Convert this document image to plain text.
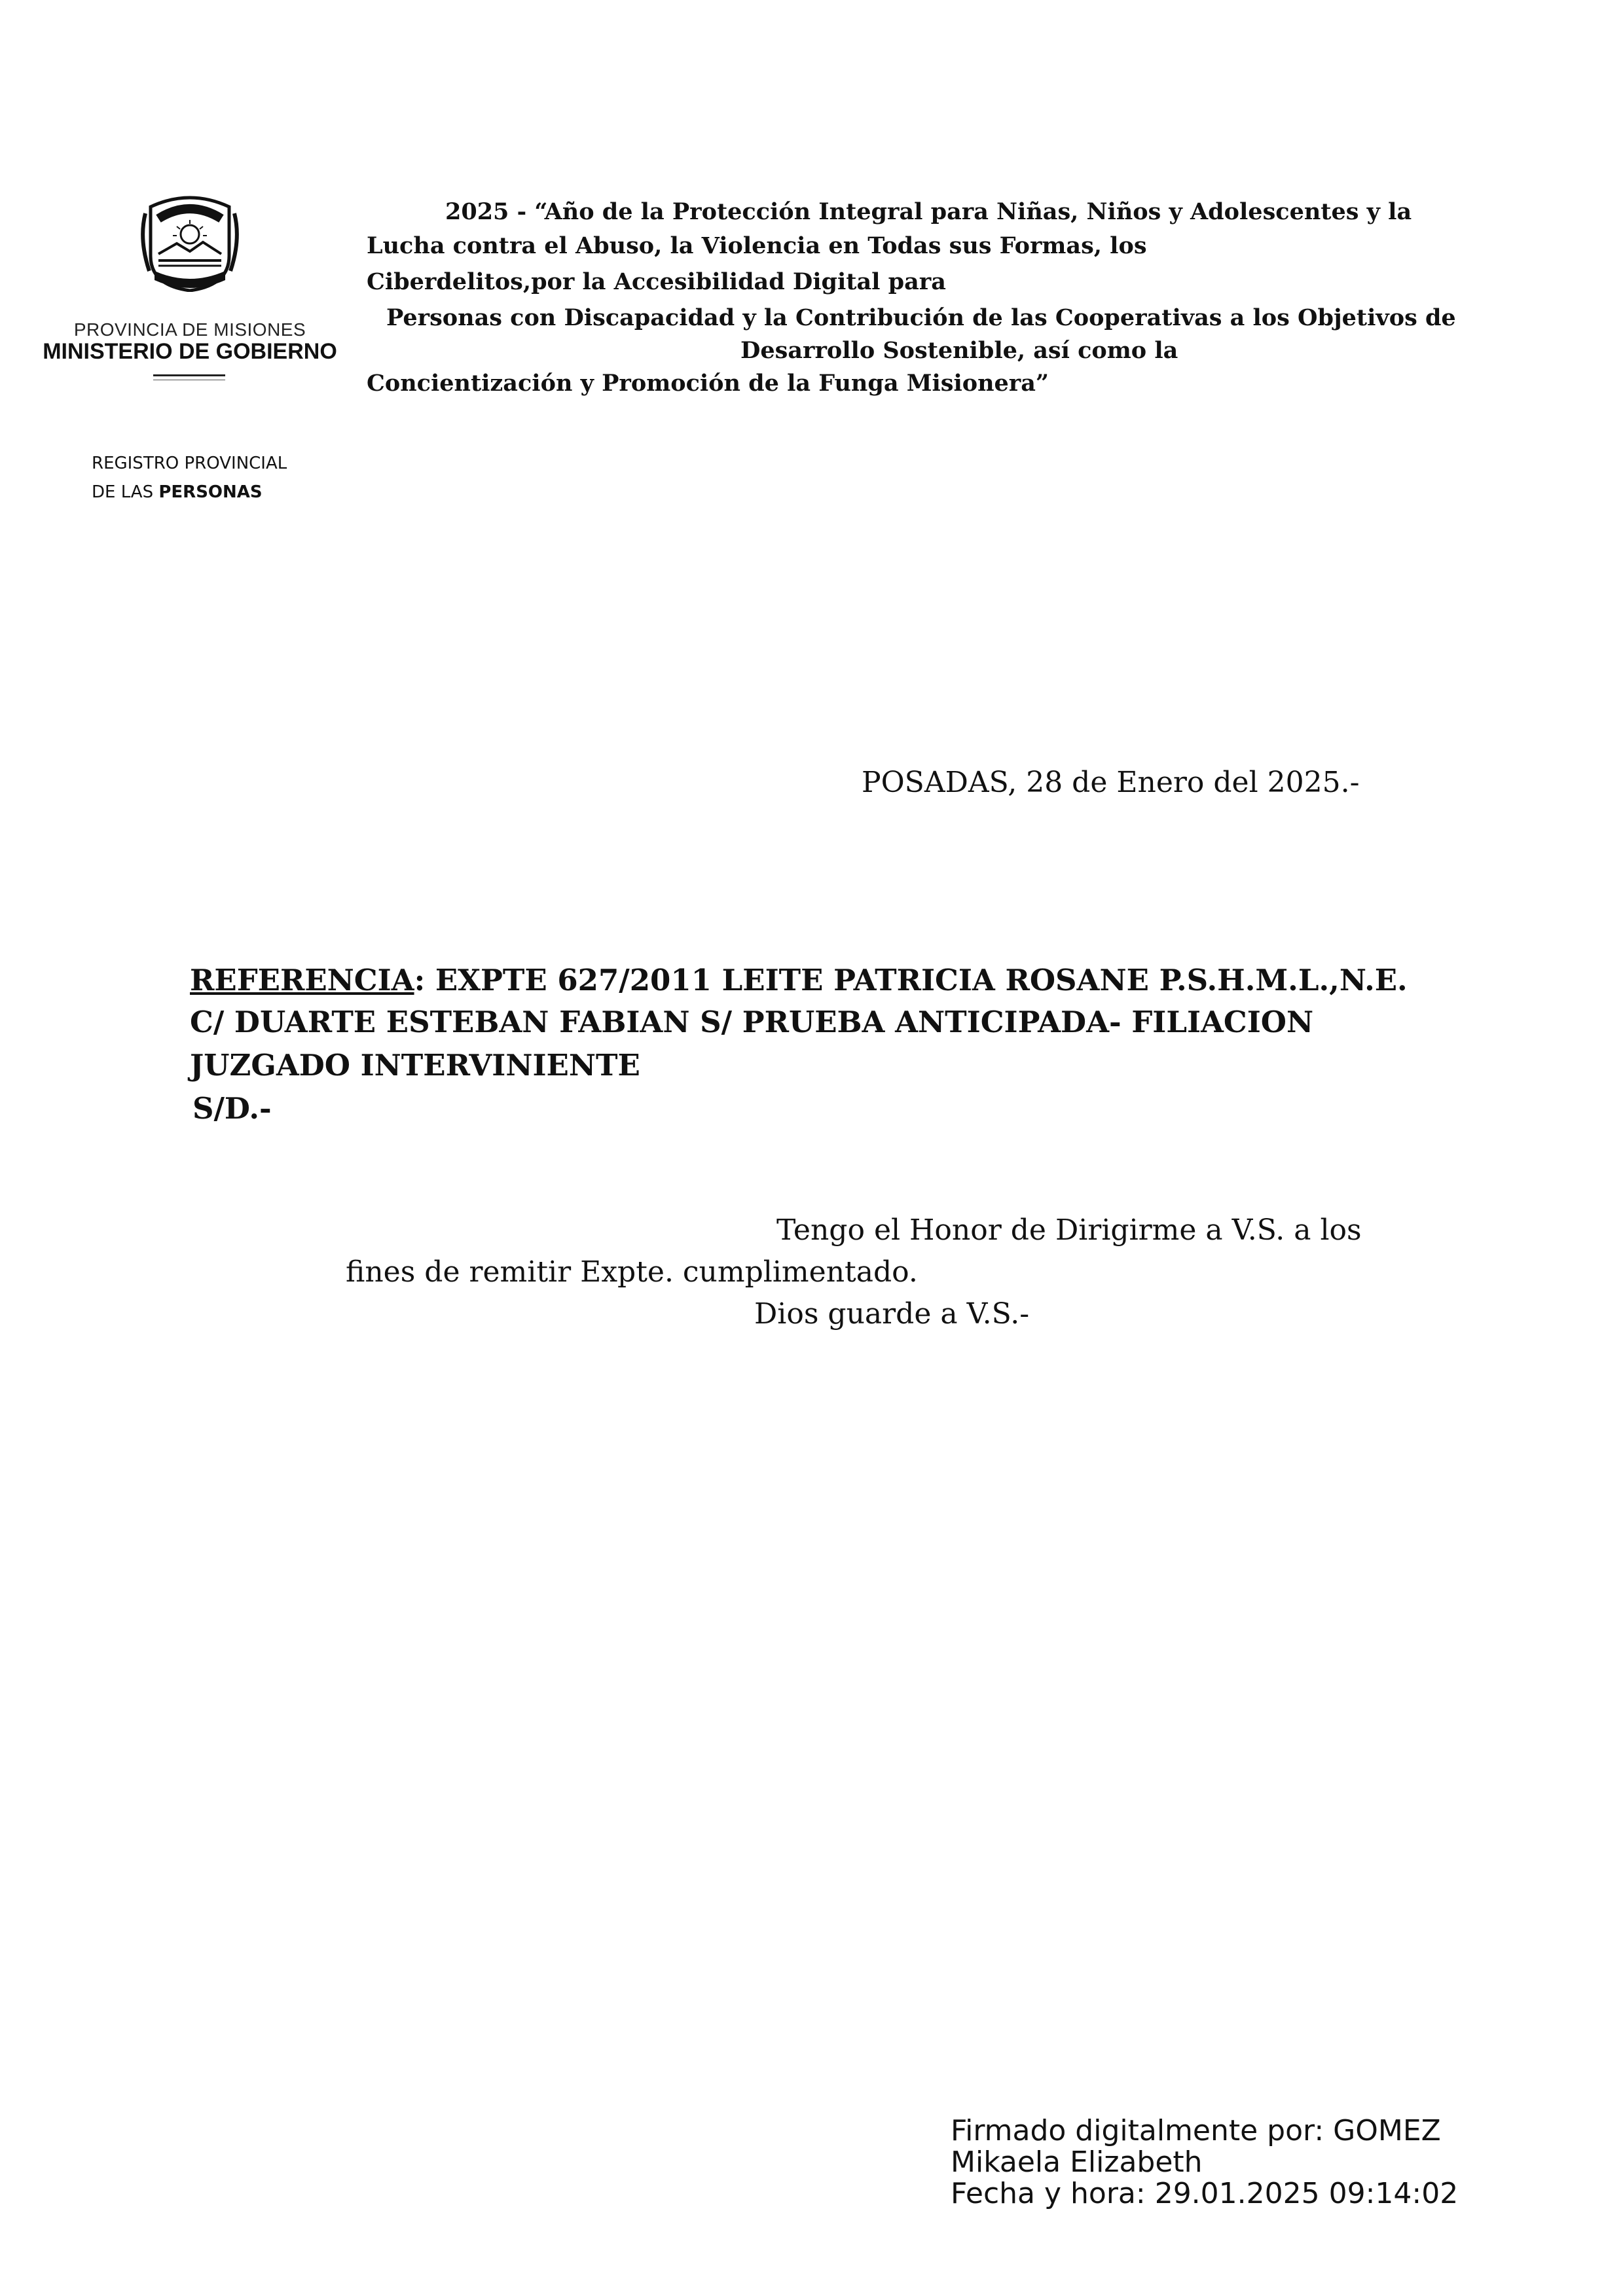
PROVINCIA DE MISIONES
MINISTERIO DE GOBIERNO
2025 - “Año de la Protección Integral para Niñas, Niños y Adolescentes y la
Lucha contra el Abuso, la Violencia en Todas sus Formas, los
Ciberdelitos,por la Accesibilidad Digital para
Personas con Discapacidad y la Contribución de las Cooperativas a los Objetivos de
Desarrollo Sostenible, así como la
Concientización y Promoción de la Funga Misionera”
REGISTRO PROVINCIAL
DE LAS PERSONAS
POSADAS, 28 de Enero del 2025.-
REFERENCIA: EXPTE 627/2011 LEITE PATRICIA ROSANE P.S.H.M.L.,N.E.
C/ DUARTE ESTEBAN FABIAN S/ PRUEBA ANTICIPADA- FILIACION
JUZGADO INTERVINIENTE
S/D.-
Tengo el Honor de Dirigirme a V.S. a los
fines de remitir Expte. cumplimentado.
Dios guarde a V.S.-
Firmado digitalmente por: GOMEZ
Mikaela Elizabeth
Fecha y hora: 29.01.2025 09:14:02
